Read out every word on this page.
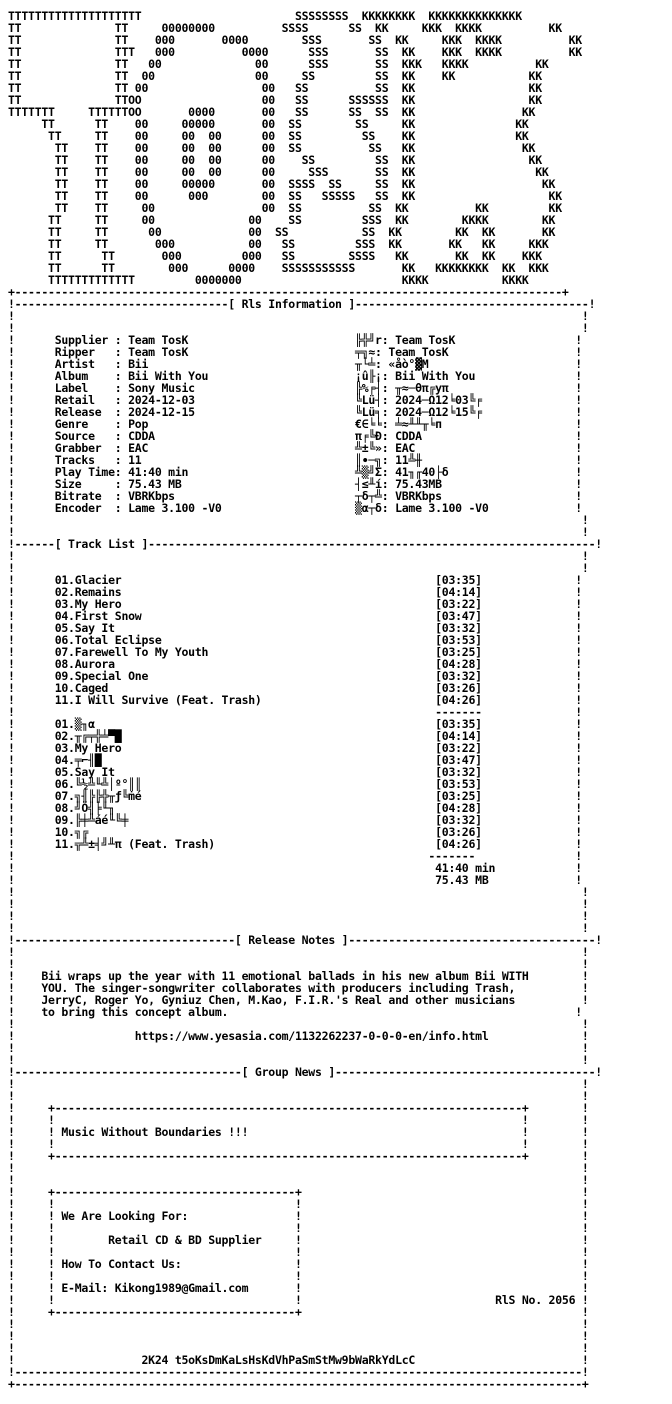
TTTTTTTTTTTTTTTTTTTT                       SSSSSSSS  KKKKKKKK  KKKKKKKKKKKKKK
TT              TT     00000000          SSSS      SS  KK     KKK  KKKK          KK
TT              TT    000       0000        SSS       SS  KK     KKK  KKKK          KK
TT              TTT   000          0000      SSS       SS  KK    KKK  KKKK          KK
TT              TT   00              00      SSS       SS  KKK   KKKK          KK
TT              TT  00               00     SS         SS  KK    KK           KK
TT              TT 00                 00   SS          SS  KK                 KK
TT              TTOO                  00   SS      SSSSSS  KK                 KK
TTTTTTT     TTTTTTOO       0000       00   SS      SS  SS  KK                KK
TT      TT    00     00000       00  SS        SS     KK               KK
TT     TT    00     00  00      00  SS         SS    KK               KK
TT    TT    00     00  00      00  SS          SS   KK                KK
TT    TT    00     00  00      00    SS         SS  KK                 KK
TT    TT    00     00  00      00     SSS       SS  KK                  KK
TT    TT    00     00000       00  SSSS  SS     SS  KK                   KK
TT    TT    00      000        00  SS   SSSSS   SS  KK                    KK
TT    TT     00                00  SS          SS  KK          KK         KK
TT     TT     00              00    SS         SSS  KK        KKKK        KK
TT     TT      00             00  SS           SS  KK        KK  KK       KK
TT     TT       000           00   SS         SSS  KK       KK   KK     KKK
TT      TT       000         000   SS        SSSS   KK       KK  KK    KKK
TT      TT        000      0000    SSSSSSSSSSS       KK   KKKKKKKK  KK  KKK
TTTTTTTTTTTTT         0000000                        KKKK           KKKK
+----------------------------------------------------------------------------------+
!--------------------------------[ Rls Information ]-----------------------------------!
!                                                                                     !
!                                                                                     !
!      Supplier : Team TosK                         ╠╬╝r: Team TosK                  !
!      Ripper   : Team TosK                         ╤╗≈: Team TosK                   !
!      Artist   : Bii                               ╥└╧: «åò°▓M                      !
!      Album    : Bii With You                      ¡û╟¡: Bii With You               !
!      Label    : Sony Music                        ╠%╒┤: ╥≈─θπ╔уπ                   !
!      Retail   : 2024-12-03                        ╚Lü┤: 2024─Ω12╘03╚╒              !
!      Release  : 2024-12-15                        ╚Lü╕: 2024─Ω12╘15╚╒              !
!      Genre    : Pop                               €∈╘╘: ╧≈╨╨╥╘п                    !
!      Source   : CDDA                              π╒╚Ð: CDDA                       !
!      Grabber  : EAC                               ╩±╚»: EAC                        !
!      Tracks   : 11                                ║∙─╗: 11╩╫                       !
!      Play Time: 41:40 min                         ╩▒╝Σ: 41╖╓40├δ                   !
!      Size     : 75.43 MB                          ┤≤╨í: 75.43MB                    !
!      Bitrate  : VBRKbps                           ┬δ┬╩: VBRKbps                    !
!      Encoder  : Lame 3.100 -V0                    ▒α┬δ: Lame 3.100 -V0             !
!                                                                                     !
!                                                                                     !
!------[ Track List ]-------------------------------------------------------------------!
!                                                                                     !
!                                                                                     !
!      01.Glacier                                               [03:35]              !
!      02.Remains                                               [04:14]              !
!      03.My Hero                                               [03:22]              !
!      04.First Snow                                            [03:47]              !
!      05.Say It                                                [03:32]              !
!      06.Total Eclipse                                         [03:53]              !
!      07.Farewell To My Youth                                  [03:25]              !
!      08.Aurora                                                [04:28]              !
!      09.Special One                                           [03:32]              !
!      10.Caged                                                 [03:26]              !
!      11.I Will Survive (Feat. Trash)                          [04:26]              !
!                                                               -------              !
!      01.▒╖α                                                   [03:35]              !
!      02.╥╔╤╬╧▀█                                               [04:14]              !
!      03.My Hero                                               [03:22]              !
!      04.╤⌐╢█                                                  [03:47]              !
!      05.Say It                                                [03:32]              !
!      06.╚½╩╙╩│º°║║                                            [03:53]              !
!      07.╗╢╠╠╬╥ƒ╚ṁé                                            [03:25]              !
!      08.╝Ö╣╞╙╖                                                [04:28]              !
!      09.╠╪╩áé╙╚╪                                              [03:32]              !
!      10.╗╔                                                    [03:26]              !
!      11.╦╩±╡╝╨π (Feat. Trash)                                 [04:26]              !
!                                                              -------               !
!                                                               41:40 min            !
!                                                               75.43 MB             !
!                                                                                     !
!                                                                                     !
!                                                                                     !
!                                                                                     !
!---------------------------------[ Release Notes ]-------------------------------------!
!                                                                                     !
!                                                                                     !
!    Bii wraps up the year with 11 emotional ballads in his new album Bii WITH        !
!    YOU. The singer-songwriter collaborates with producers including Trash,          !
!    JerryC, Roger Yo, Gyniuz Chen, M.Kao, F.I.R.'s Real and other musicians          !
!    to bring this concept album.                                                    !
!                                                                                     !
!                  https://www.yesasia.com/1132262237-0-0-0-en/info.html              !
!                                                                                     !
!                                                                                     !
!----------------------------------[ Group News ]---------------------------------------!
!                                                                                     !
!                                                                                     !
!     +----------------------------------------------------------------------+        !
!     !                                                                      !        !
!     ! Music Without Boundaries !!!                                         !        !
!     !                                                                      !        !
!     +----------------------------------------------------------------------+        !
!                                                                                     !
!                                                                                     !
!     +------------------------------------+                                          !
!     !                                    !                                          !
!     ! We Are Looking For:                !                                          !
!     !                                    !                                          !
!     !        Retail CD & BD Supplier     !                                          !
!     !                                    !                                          !
!     ! How To Contact Us:                 !                                          !
!     !                                    !                                          !
!     ! E-Mail: Kikong1989@Gmail.com       !                                          !
!     !                                    !                             RlS No. 2056 !
!     +------------------------------------+                                          !
!                                                                                     !
!                                                                                     !
!                                                                                     !
!                   2K24 t5oKsDmKaLsHsKdVhPaSmStMw9bWaRkYdLcC                         !
!-------------------------------------------------------------------------------------!
+-------------------------------------------------------------------------------------+
